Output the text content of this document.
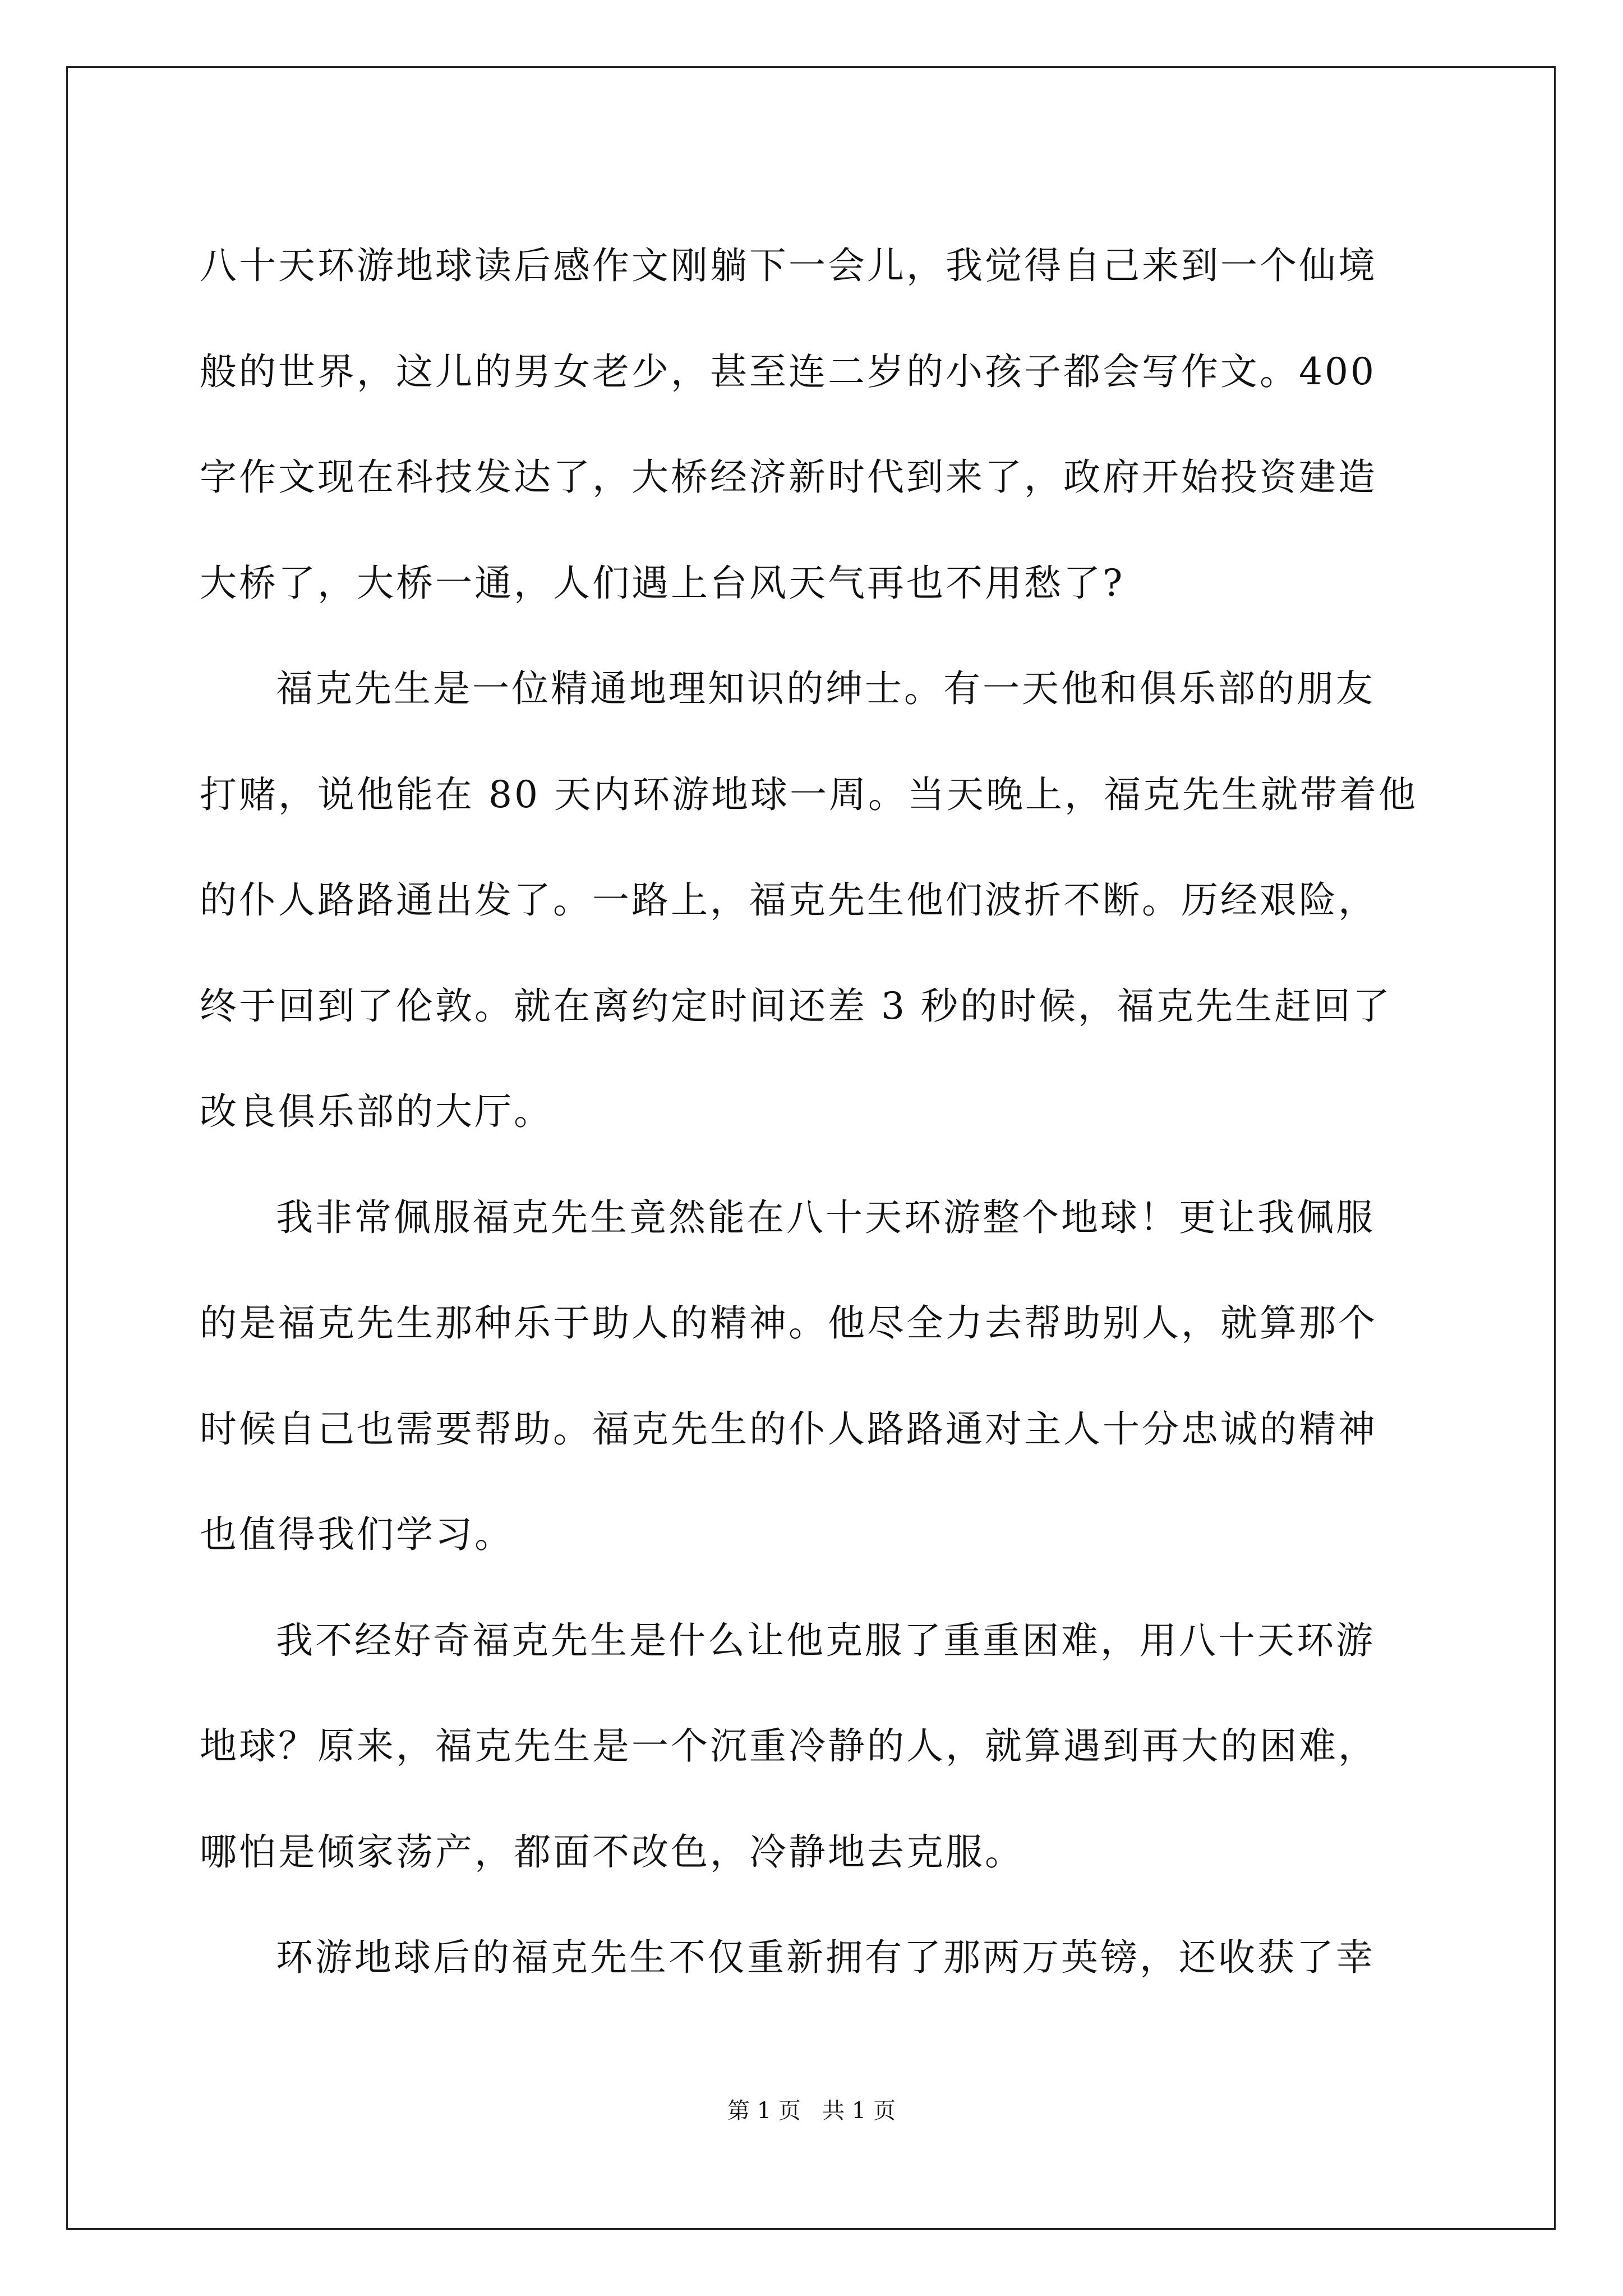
八十天环游地球读后感作文刚躺下一会儿，我觉得自己来到一个仙境
般的世界，这儿的男女老少，甚至连二岁的小孩子都会写作文。400
字作文现在科技发达了，大桥经济新时代到来了，政府开始投资建造
大桥了，大桥一通，人们遇上台风天气再也不用愁了?
福克先生是一位精通地理知识的绅士。有一天他和俱乐部的朋友
打赌，说他能在 80 天内环游地球一周。当天晚上，福克先生就带着他
的仆人路路通出发了。一路上，福克先生他们波折不断。历经艰险，
终于回到了伦敦。就在离约定时间还差 3 秒的时候，福克先生赶回了
改良俱乐部的大厅。
我非常佩服福克先生竟然能在八十天环游整个地球！更让我佩服
的是福克先生那种乐于助人的精神。他尽全力去帮助别人，就算那个
时候自己也需要帮助。福克先生的仆人路路通对主人十分忠诚的精神
也值得我们学习。
我不经好奇福克先生是什么让他克服了重重困难，用八十天环游
地球？原来，福克先生是一个沉重冷静的人，就算遇到再大的困难，
哪怕是倾家荡产，都面不改色，冷静地去克服。
环游地球后的福克先生不仅重新拥有了那两万英镑，还收获了幸
第 1 页   共 1 页
